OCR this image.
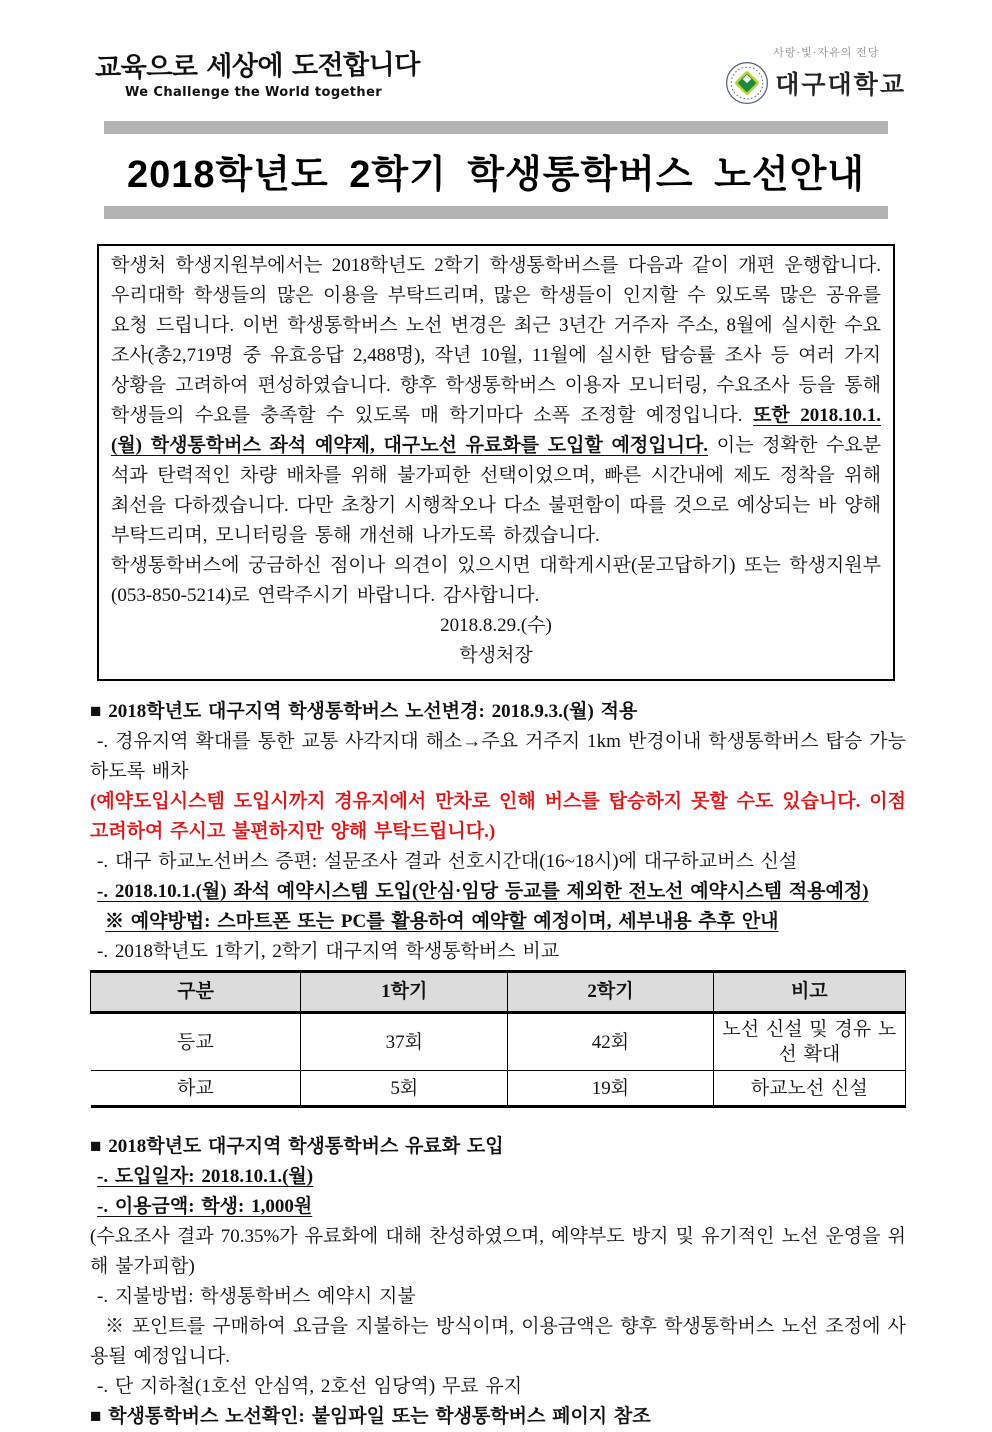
교육으로 세상에 도전합니다
We Challenge the World together
사랑·빛·자유의 전당
대구대학교
2018학년도 2학기 학생통학버스 노선안내

학생처 학생지원부에서는 2018학년도 2학기 학생통학버스를 다음과 같이 개편 운행합니다. 우리대학 학생들의 많은 이용을 부탁드리며, 많은 학생들이 인지할 수 있도록 많은 공유를 요청 드립니다. 이번 학생통학버스 노선 변경은 최근 3년간 거주자 주소, 8월에 실시한 수요조사(총2,719명 중 유효응답 2,488명), 작년 10월, 11월에 실시한 탑승률 조사 등 여러 가지 상황을 고려하여 편성하였습니다. 향후 학생통학버스 이용자 모니터링, 수요조사 등을 통해 학생들의 수요를 충족할 수 있도록 매 학기마다 소폭 조정할 예정입니다. 또한 2018.10.1.(월) 학생통학버스 좌석 예약제, 대구노선 유료화를 도입할 예정입니다. 이는 정확한 수요분석과 탄력적인 차량 배차를 위해 불가피한 선택이었으며, 빠른 시간내에 제도 정착을 위해 최선을 다하겠습니다. 다만 초창기 시행착오나 다소 불편함이 따를 것으로 예상되는 바 양해 부탁드리며, 모니터링을 통해 개선해 나가도록 하겠습니다.

학생통학버스에 궁금하신 점이나 의견이 있으시면 대학게시판(묻고답하기) 또는 학생지원부(053-850-5214)로 연락주시기 바랍니다. 감사합니다.

2018.8.29.(수)

학생처장

■ 2018학년도 대구지역 학생통학버스 노선변경: 2018.9.3.(월) 적용

-. 경유지역 확대를 통한 교통 사각지대 해소→주요 거주지 1km 반경이내 학생통학버스 탑승 가능하도록 배차

(예약도입시스템 도입시까지 경유지에서 만차로 인해 버스를 탑승하지 못할 수도 있습니다. 이점 고려하여 주시고 불편하지만 양해 부탁드립니다.)

-. 대구 하교노선버스 증편: 설문조사 결과 선호시간대(16~18시)에 대구하교버스 신설

-. 2018.10.1.(월) 좌석 예약시스템 도입(안심·임당 등교를 제외한 전노선 예약시스템 적용예정)

※ 예약방법: 스마트폰 또는 PC를 활용하여 예약할 예정이며, 세부내용 추후 안내

-. 2018학년도 1학기, 2학기 대구지역 학생통학버스 비교

구분	1학기	2학기	비고
등교	37회	42회	노선 신설 및 경유 노선 확대
하교	5회	19회	하교노선 신설

■ 2018학년도 대구지역 학생통학버스 유료화 도입

-. 도입일자: 2018.10.1.(월)

-. 이용금액: 학생: 1,000원

(수요조사 결과 70.35%가 유료화에 대해 찬성하였으며, 예약부도 방지 및 유기적인 노선 운영을 위해 불가피함)

-. 지불방법: 학생통학버스 예약시 지불

※ 포인트를 구매하여 요금을 지불하는 방식이며, 이용금액은 향후 학생통학버스 노선 조정에 사용될 예정입니다.

-. 단 지하철(1호선 안심역, 2호선 임당역) 무료 유지

■ 학생통학버스 노선확인: 붙임파일 또는 학생통학버스 페이지 참조
